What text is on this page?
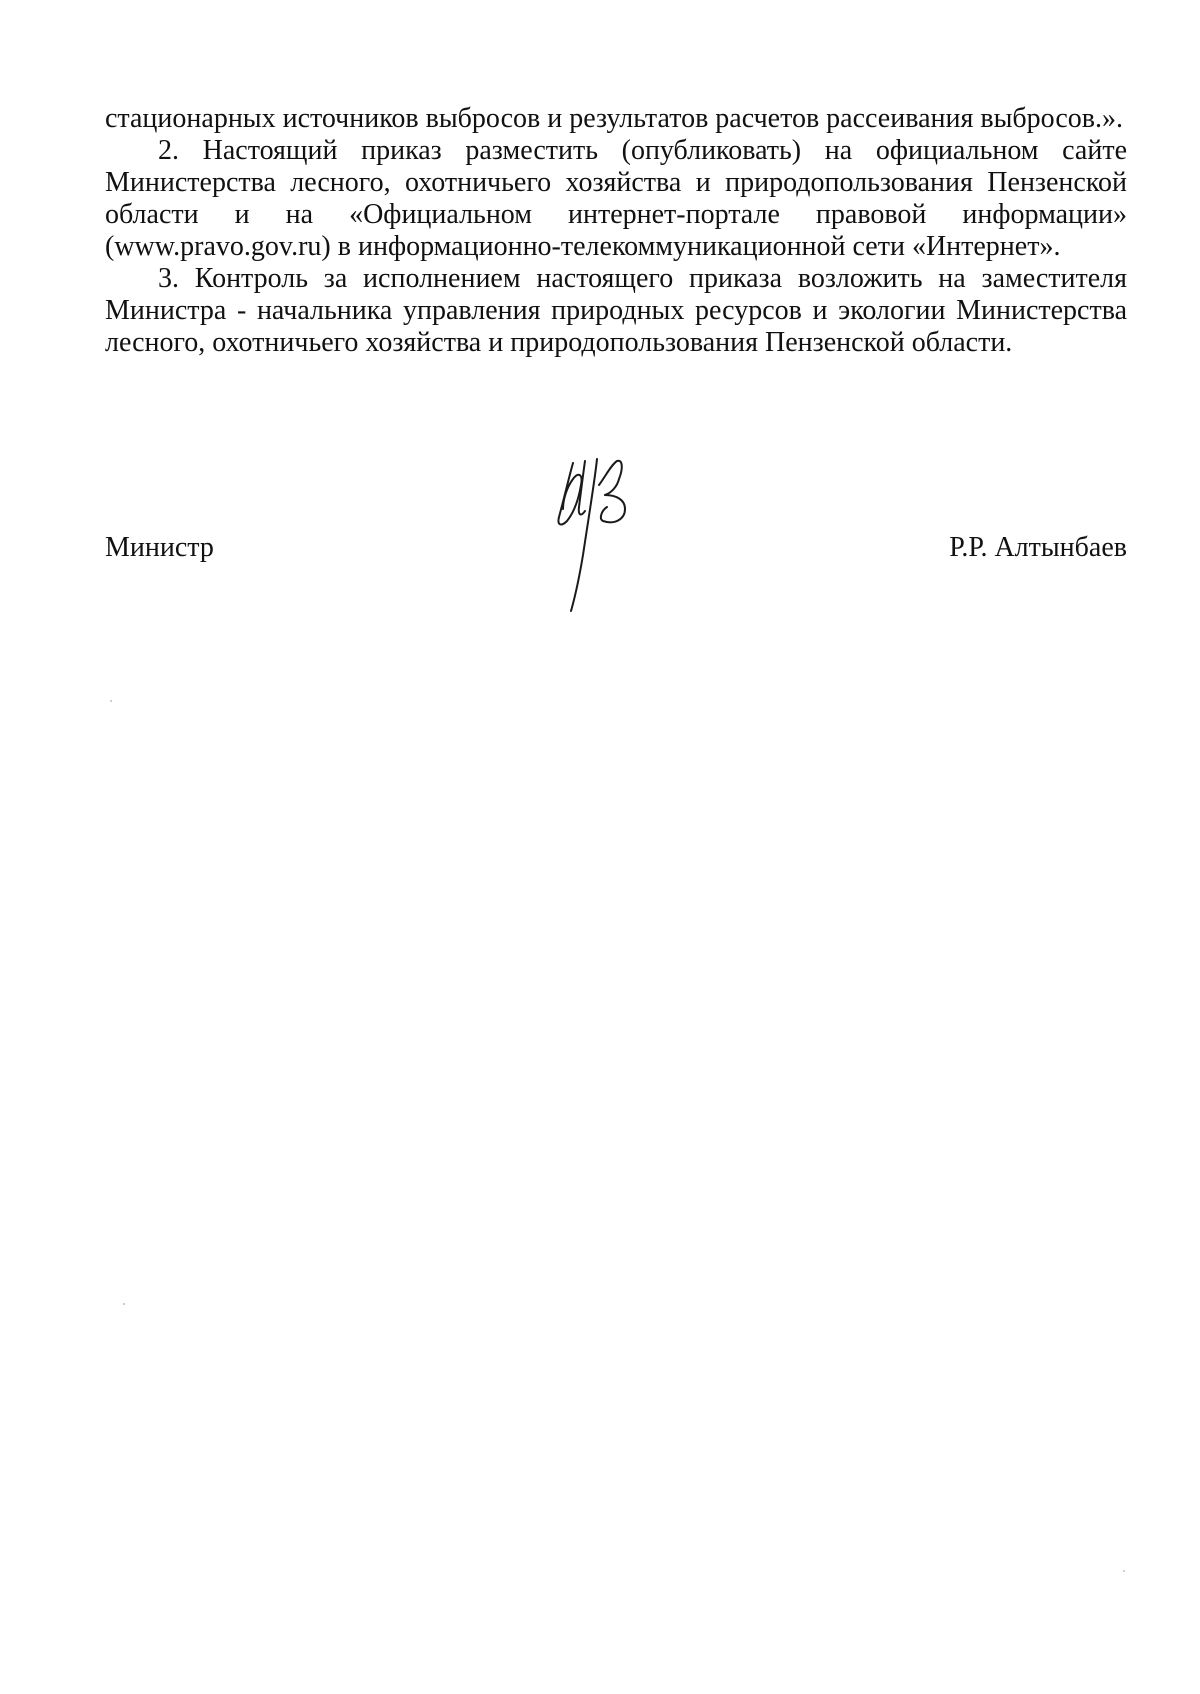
стационарных источников выбросов и результатов расчетов рассеивания выбросов.».

2. Настоящий приказ разместить (опубликовать) на официальном сайте Министерства лесного, охотничьего хозяйства и природопользования Пензенской области и на «Официальном интернет-портале правовой информации» (www.pravo.gov.ru) в информационно-телекоммуникационной сети «Интернет».

3. Контроль за исполнением настоящего приказа возложить на заместителя Министра - начальника управления природных ресурсов и экологии Министерства лесного, охотничьего хозяйства и природопользования Пензенской области.

Министр	Р.Р. Алтынбаев
